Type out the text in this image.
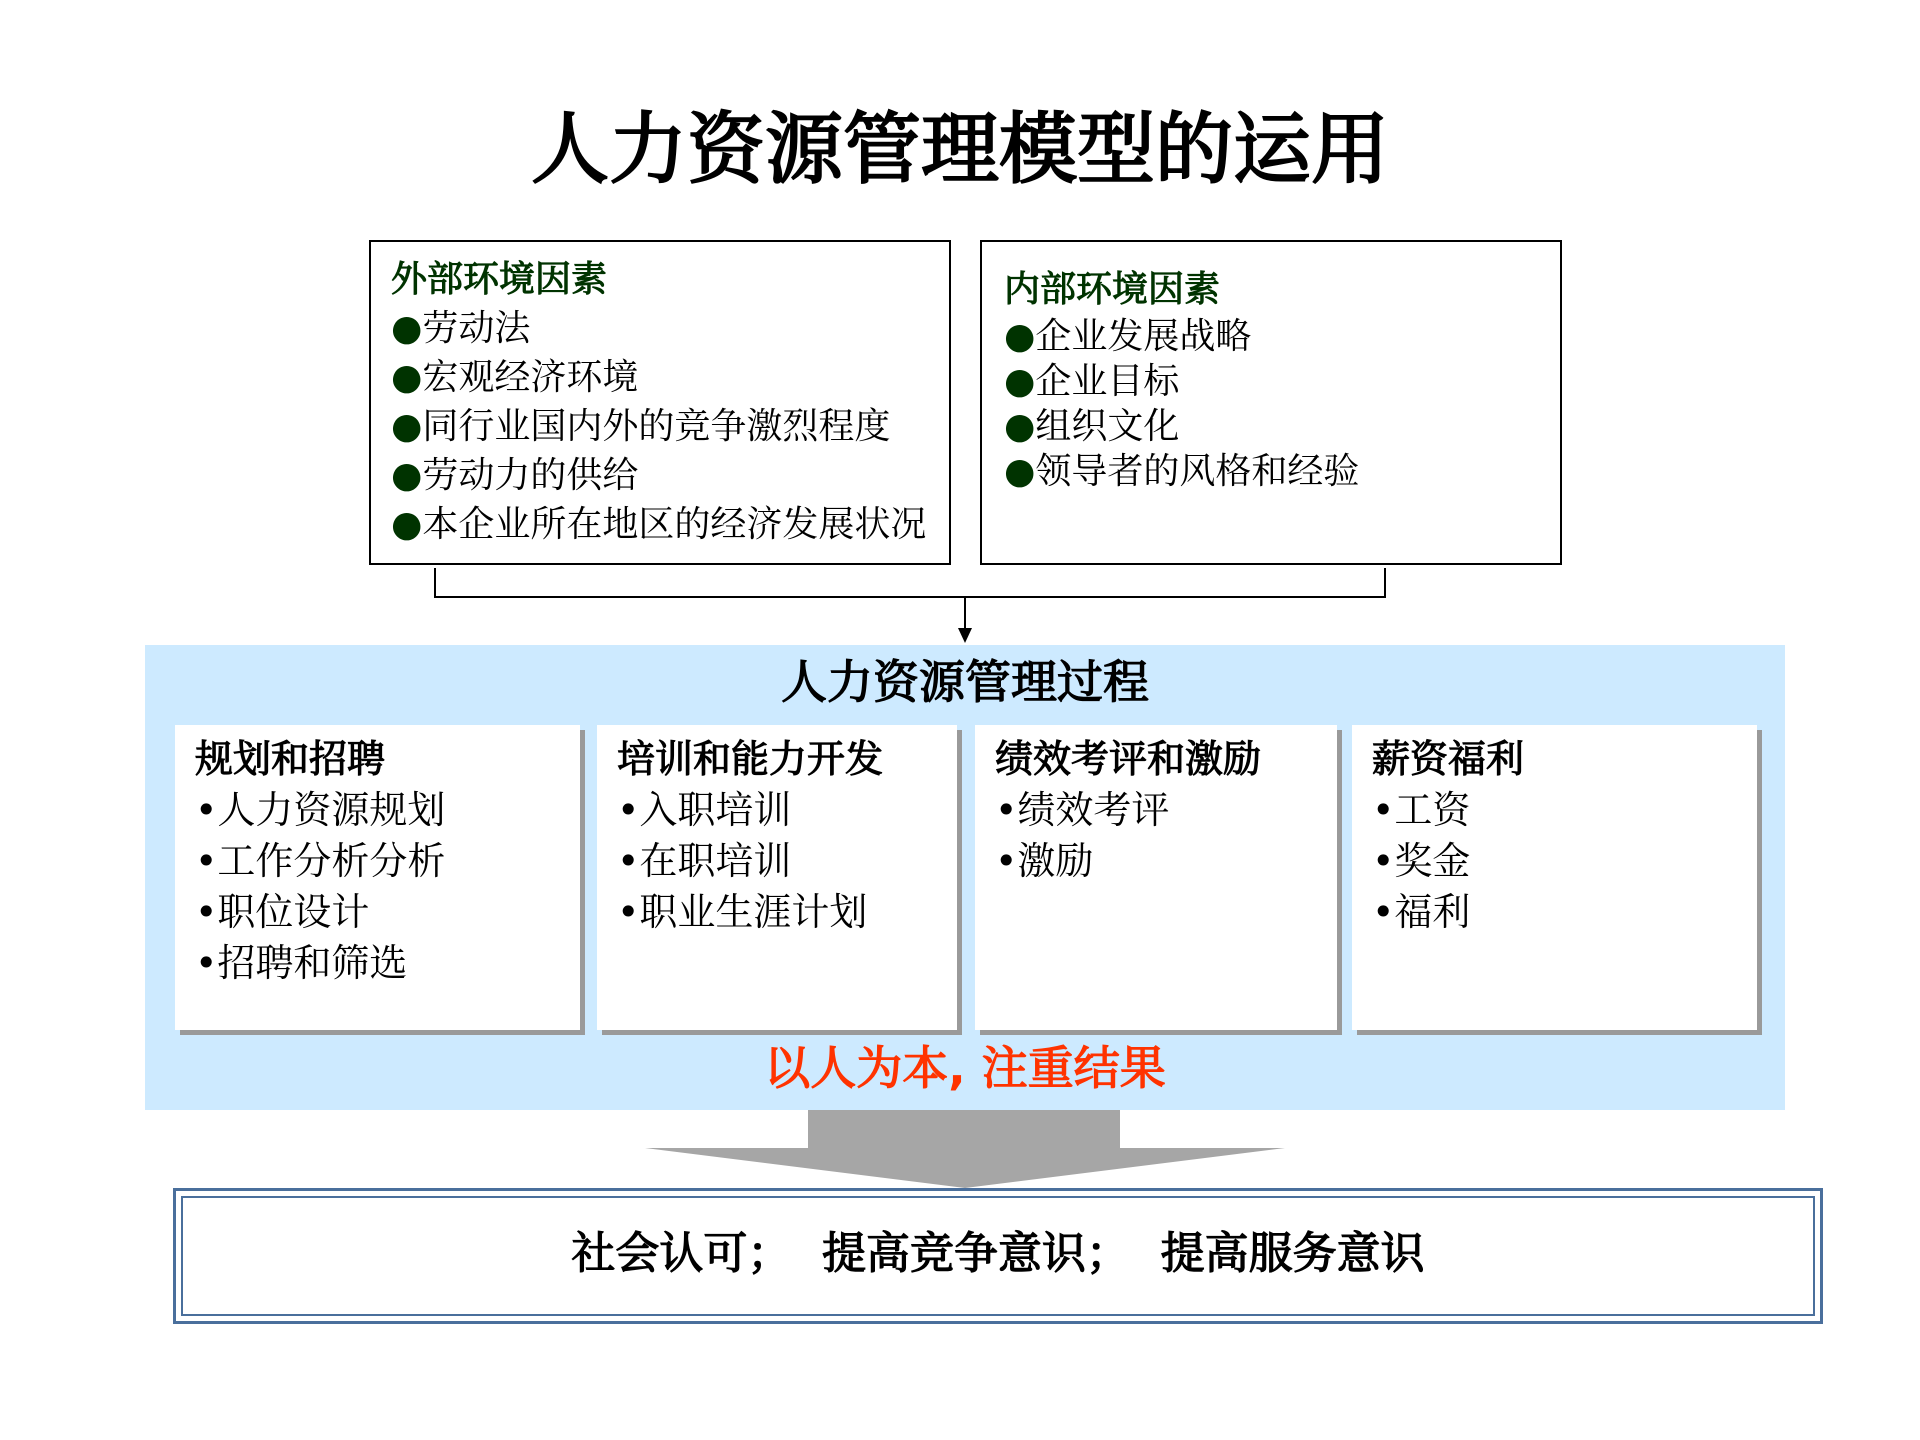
人力资源管理模型的运用
外部环境因素
●劳动法
●宏观经济环境
●同行业国内外的竞争激烈程度
●劳动力的供给
●本企业所在地区的经济发展状况
内部环境因素
●企业发展战略
●企业目标
●组织文化
●领导者的风格和经验
人力资源管理过程
规划和招聘
•人力资源规划
•工作分析分析
•职位设计
•招聘和筛选
培训和能力开发
•入职培训
•在职培训
•职业生涯计划
绩效考评和激励
•绩效考评
•激励
薪资福利
•工资
•奖金
•福利
以人为本, 注重结果
社会认可；  提高竞争意识；  提高服务意识
